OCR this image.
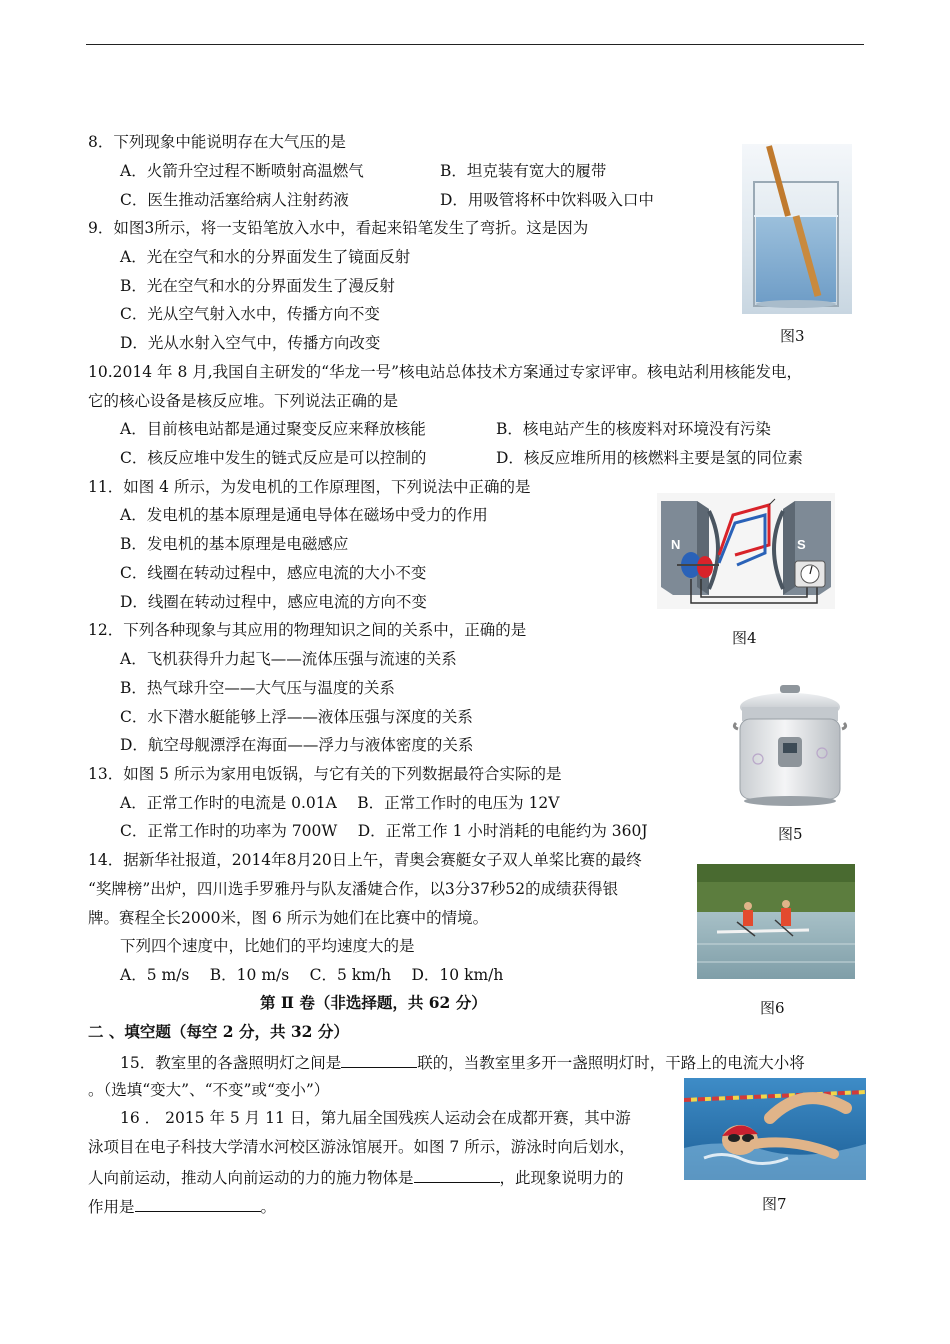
8．下列现象中能说明存在大气压的是
A．火箭升空过程不断喷射高温燃气	B．坦克装有宽大的履带
C．医生推动活塞给病人注射药液	D．用吸管将杯中饮料吸入口中
9．如图3所示，将一支铅笔放入水中，看起来铅笔发生了弯折。这是因为
A．光在空气和水的分界面发生了镜面反射
B．光在空气和水的分界面发生了漫反射
C．光从空气射入水中，传播方向不变
D．光从水射入空气中，传播方向改变	图3
10.2014 年 8 月,我国自主研发的“华龙一号”核电站总体技术方案通过专家评审。核电站利用核能发电，
它的核心设备是核反应堆。下列说法正确的是
A．目前核电站都是通过聚变反应来释放核能	B．核电站产生的核废料对环境没有污染
C．核反应堆中发生的链式反应是可以控制的	D．核反应堆所用的核燃料主要是氢的同位素
11．如图 4 所示，为发电机的工作原理图，下列说法中正确的是
A．发电机的基本原理是通电导体在磁场中受力的作用
B．发电机的基本原理是电磁感应
C．线圈在转动过程中，感应电流的大小不变
D．线圈在转动过程中，感应电流的方向不变
N	S
图4
12．下列各种现象与其应用的物理知识之间的关系中，正确的是
A．飞机获得升力起飞——流体压强与流速的关系
B．热气球升空——大气压与温度的关系
C．水下潜水艇能够上浮——液体压强与深度的关系
D．航空母舰漂浮在海面——浮力与液体密度的关系
图5
13．如图 5 所示为家用电饭锅，与它有关的下列数据最符合实际的是
A．正常工作时的电流是 0.01A　 B．正常工作时的电压为 12V
C．正常工作时的功率为 700W　 D．正常工作 1 小时消耗的电能约为 360J
14．据新华社报道，2014年8月20日上午，青奥会赛艇女子双人单桨比赛的最终
“奖牌榜”出炉，四川选手罗雅丹与队友潘婕合作，以3分37秒52的成绩获得银
牌。赛程全长2000米，图 6 所示为她们在比赛中的情境。
下列四个速度中，比她们的平均速度大的是
A．5 m/s　 B．10 m/s　 C．5 km/h　 D．10 km/h
图6
第 Ⅱ 卷（非选择题，共 62 分）
二 、填空题（每空 2 分，共 32 分）
15．教室里的各盏照明灯之间是	联的，当教室里多开一盏照明灯时，干路上的电流大小将
。（选填“变大”、“不变”或“变小”）
16 ． 2015 年 5 月 11 日，第九届全国残疾人运动会在成都开赛，其中游
泳项目在电子科技大学清水河校区游泳馆展开。如图 7 所示，游泳时向后划水，
人向前运动，推动人向前运动的力的施力物体是	，此现象说明力的
作用是	。	图7
